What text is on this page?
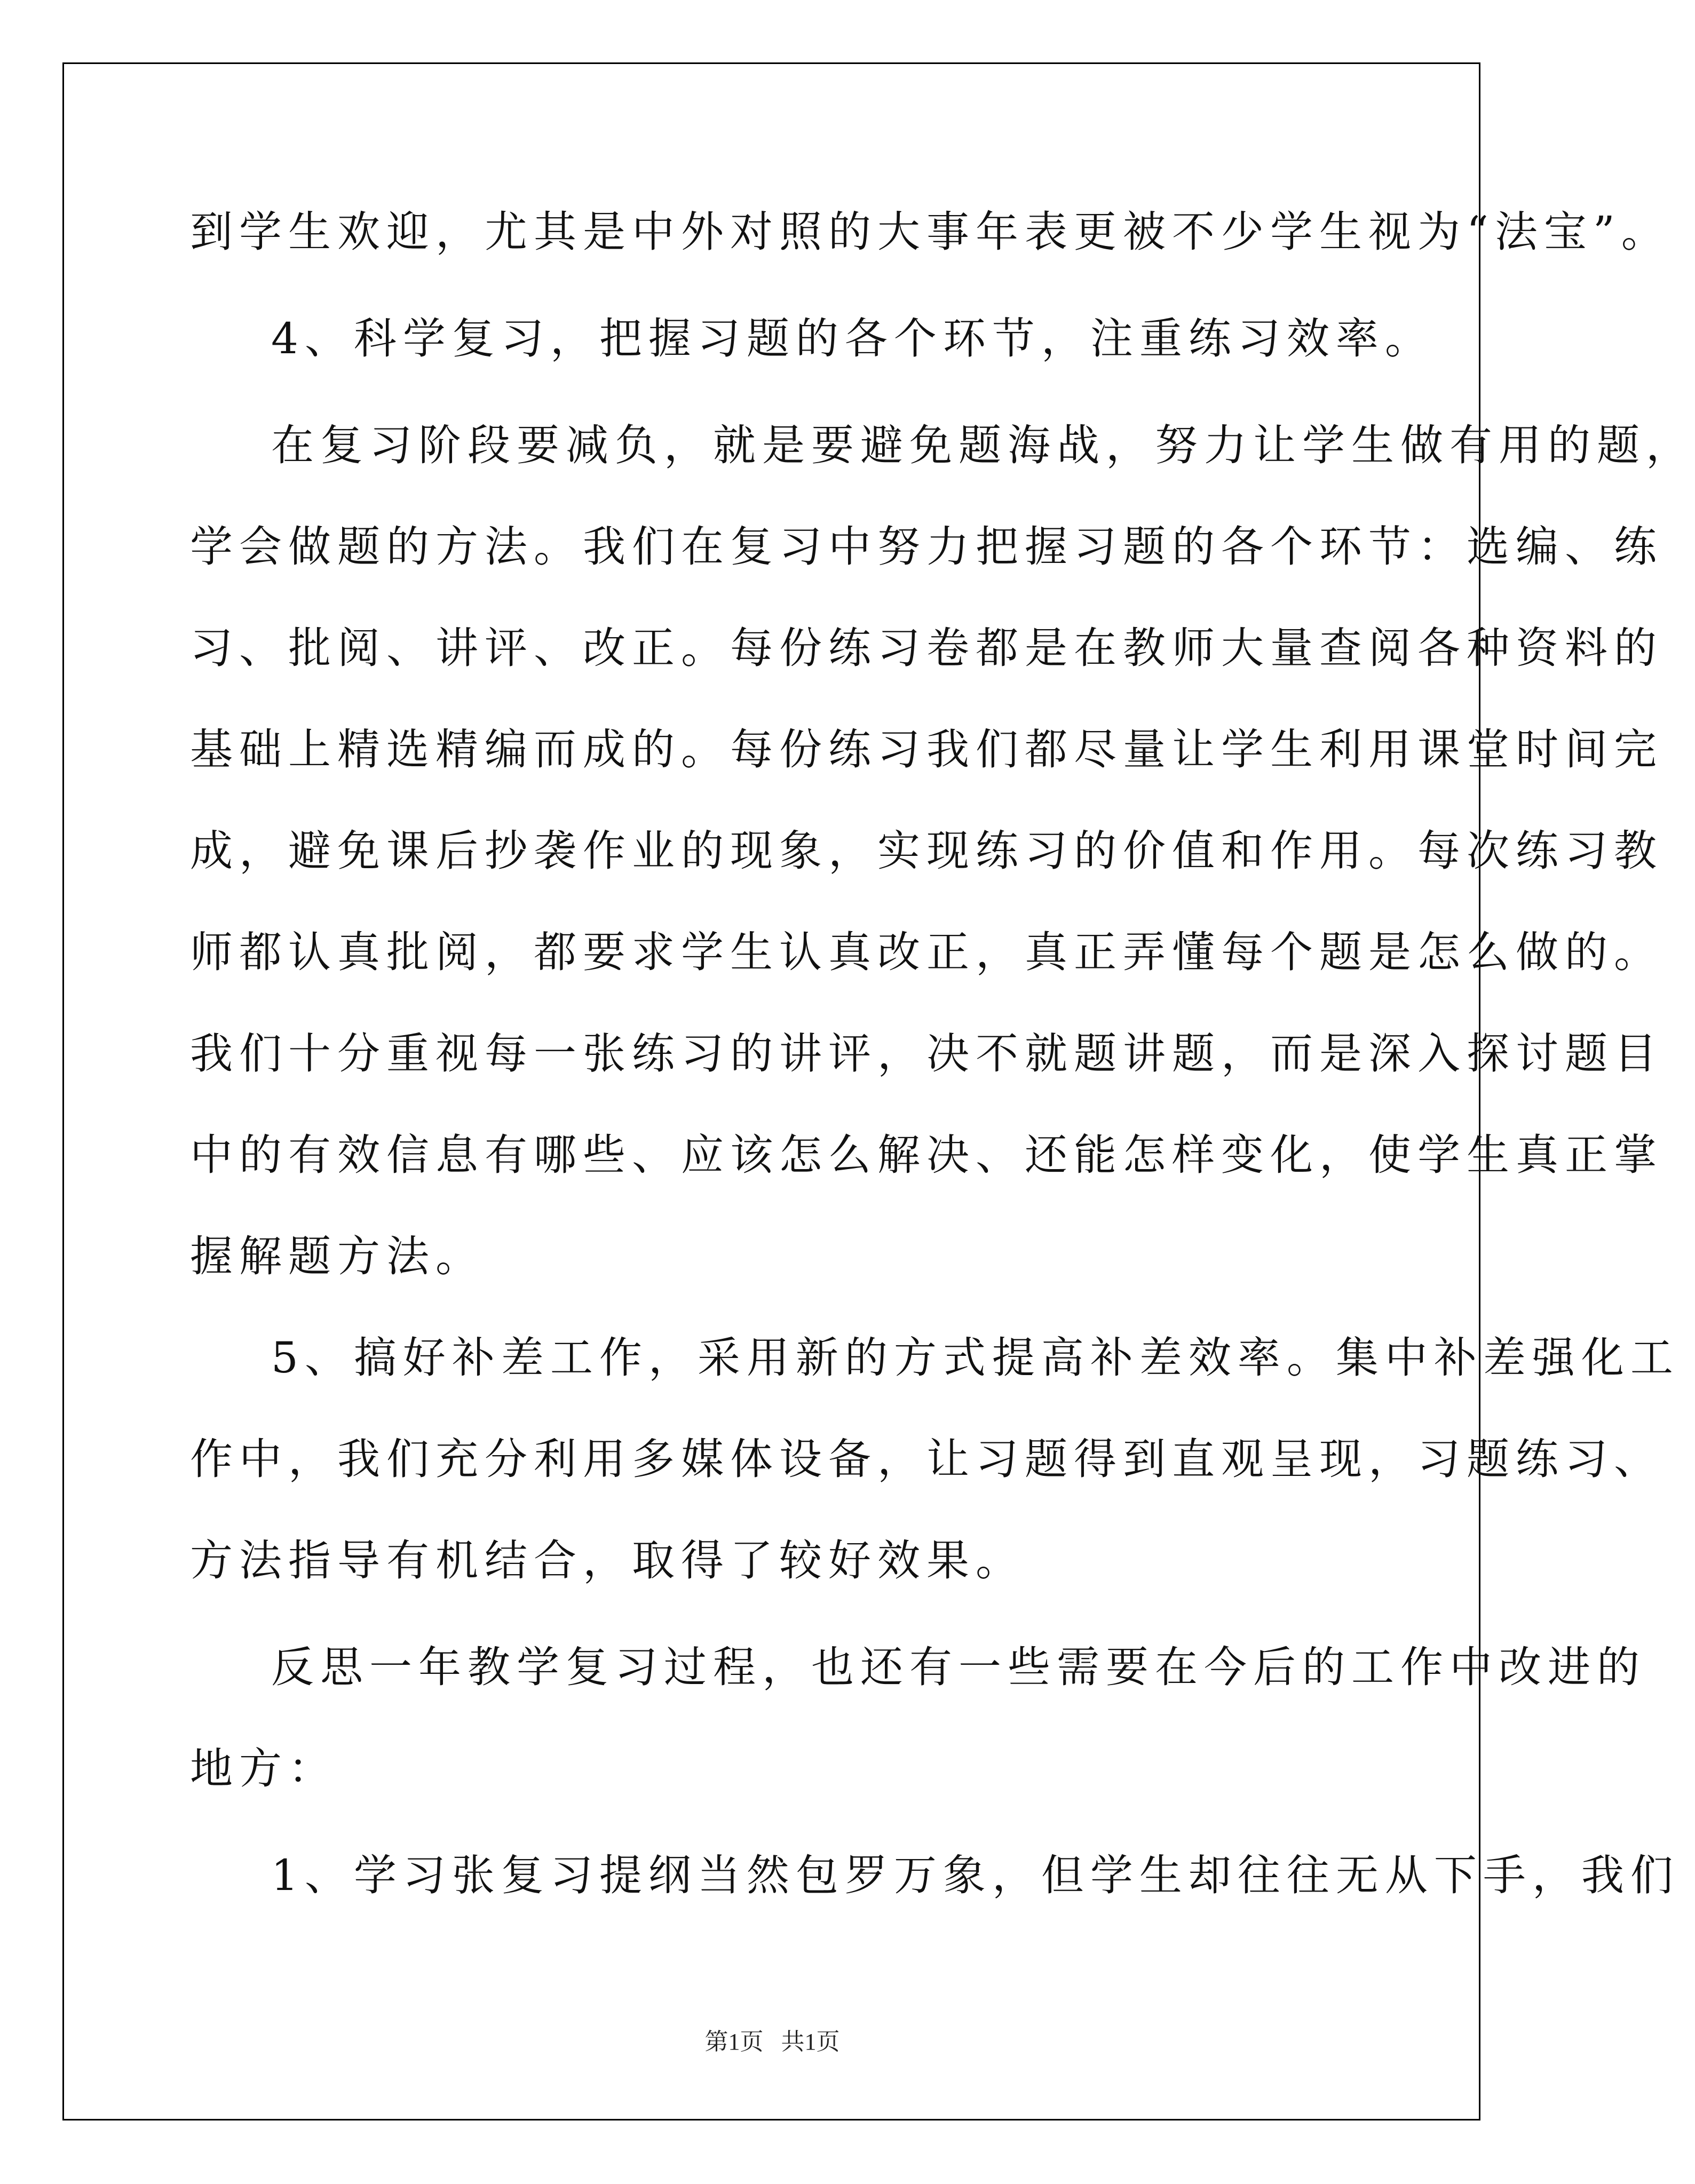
到学生欢迎，尤其是中外对照的大事年表更被不少学生视为“法宝”。
4、科学复习，把握习题的各个环节，注重练习效率。
在复习阶段要减负，就是要避免题海战，努力让学生做有用的题，
学会做题的方法。我们在复习中努力把握习题的各个环节：选编、练
习、批阅、讲评、改正。每份练习卷都是在教师大量查阅各种资料的
基础上精选精编而成的。每份练习我们都尽量让学生利用课堂时间完
成，避免课后抄袭作业的现象，实现练习的价值和作用。每次练习教
师都认真批阅，都要求学生认真改正，真正弄懂每个题是怎么做的。
我们十分重视每一张练习的讲评，决不就题讲题，而是深入探讨题目
中的有效信息有哪些、应该怎么解决、还能怎样变化，使学生真正掌
握解题方法。
5、搞好补差工作，采用新的方式提高补差效率。集中补差强化工
作中，我们充分利用多媒体设备，让习题得到直观呈现，习题练习、
方法指导有机结合，取得了较好效果。
反思一年教学复习过程，也还有一些需要在今后的工作中改进的
地方：
1、学习张复习提纲当然包罗万象，但学生却往往无从下手，我们
第1页   共1页
